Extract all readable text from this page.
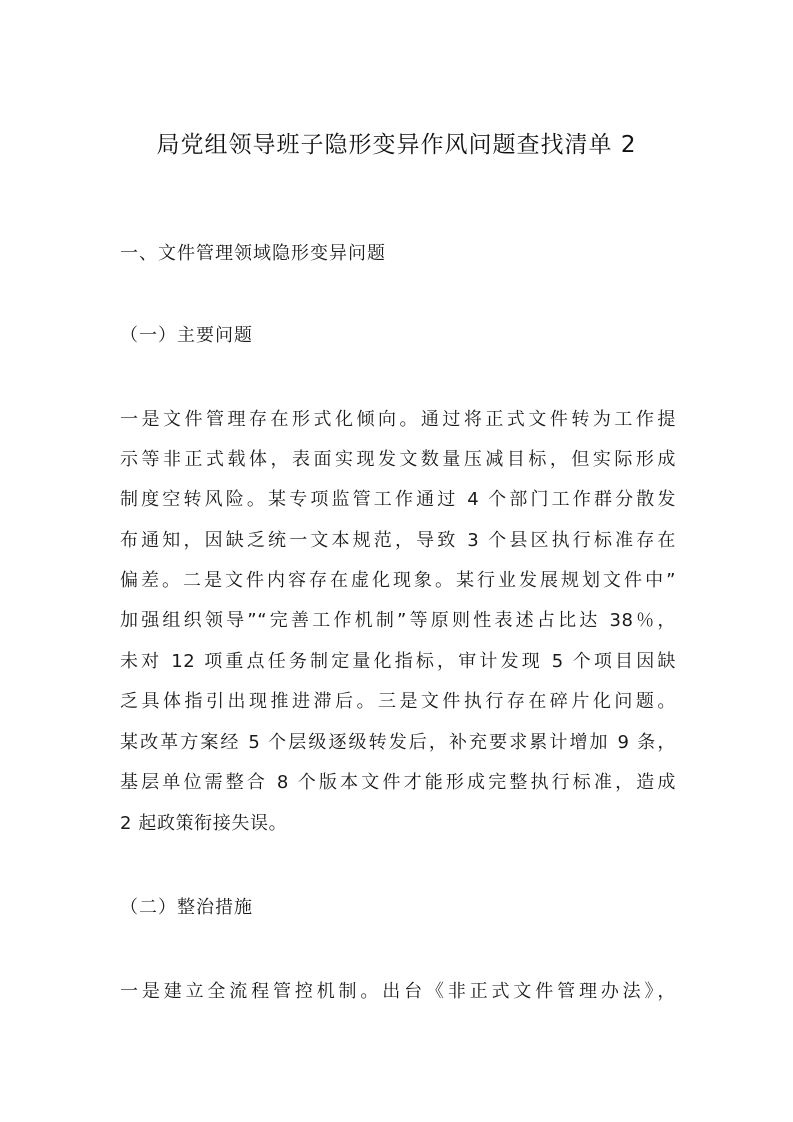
局党组领导班子隐形变异作风问题查找清单 2
一、文件管理领域隐形变异问题
（一）主要问题
一是文件管理存在形式化倾向。通过将正式文件转为工作提
示等非正式载体，表面实现发文数量压减目标，但实际形成
制度空转风险。某专项监管工作通过 4 个部门工作群分散发
布通知，因缺乏统一文本规范，导致 3 个县区执行标准存在
偏差。二是文件内容存在虚化现象。某行业发展规划文件中”
加强组织领导”“完善工作机制”等原则性表述占比达 38％，
未对 12 项重点任务制定量化指标，审计发现 5 个项目因缺
乏具体指引出现推进滞后。三是文件执行存在碎片化问题。
某改革方案经 5 个层级逐级转发后，补充要求累计增加 9 条，
基层单位需整合 8 个版本文件才能形成完整执行标准，造成
2 起政策衔接失误。
（二）整治措施
一是建立全流程管控机制。出台《非正式文件管理办法》，
